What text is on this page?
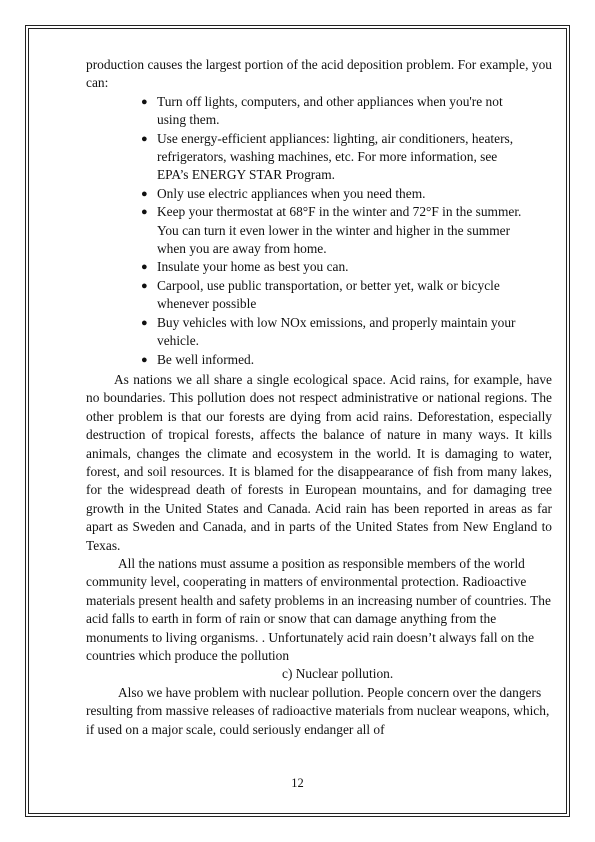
production causes the largest portion of the acid deposition problem. For example, you can:

● Turn off lights, computers, and other appliances when you're not using them.
● Use energy-efficient appliances: lighting, air conditioners, heaters, refrigerators, washing machines, etc. For more information, see EPA’s ENERGY STAR Program.
● Only use electric appliances when you need them.
● Keep your thermostat at 68°F in the winter and 72°F in the summer. You can turn it even lower in the winter and higher in the summer when you are away from home.
● Insulate your home as best you can.
● Carpool, use public transportation, or better yet, walk or bicycle whenever possible
● Buy vehicles with low NOx emissions, and properly maintain your vehicle.
● Be well informed.

As nations we all share a single ecological space. Acid rains, for example, have no boundaries. This pollution does not respect administrative or national regions. The other problem is that our forests are dying from acid rains. Deforestation, especially destruction of tropical forests, affects the balance of nature in many ways. It kills animals, changes the climate and ecosystem in the world. It is damaging to water, forest, and soil resources. It is blamed for the disappearance of fish from many lakes, for the widespread death of forests in European mountains, and for damaging tree growth in the United States and Canada. Acid rain has been reported in areas as far apart as Sweden and Canada, and in parts of the United States from New England to Texas.

All the nations must assume a position as responsible members of the world community level, cooperating in matters of environmental protection. Radioactive materials present health and safety problems in an increasing number of countries. The acid falls to earth in form of rain or snow that can damage anything from the monuments to living organisms. . Unfortunately acid rain doesn’t always fall on the countries which produce the pollution

c) Nuclear pollution.

Also we have problem with nuclear pollution. People concern over the dangers resulting from massive releases of radioactive materials from nuclear weapons, which, if used on a major scale, could seriously endanger all of

12
